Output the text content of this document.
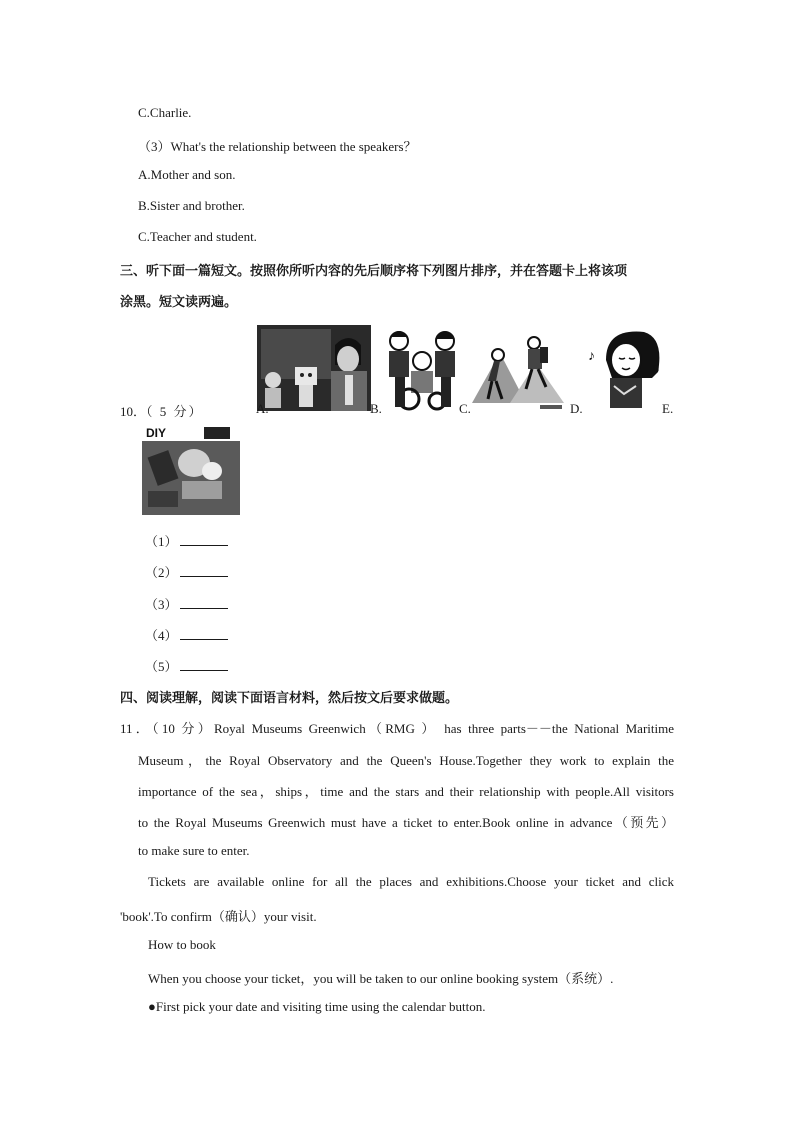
C.Charlie.
（3）What's the relationship between the speakers？
A.Mother and son.
B.Sister and brother.
C.Teacher and student.
三、听下面一篇短文。按照你所听内容的先后顺序将下列图片排序，并在答题卡上将该项
涂黑。短文读两遍。
10．（ 5 分）	B.
A.	C.	D.
♪
♫
E.
DIY
（1）
（2）
（3）
（4）
（5）
四、阅读理解，阅读下面语言材料，然后按文后要求做题。
11．（10 分）Royal Museums Greenwich（RMG ） has three parts－－the National Maritime
Museum，the Royal Observatory and the Queen's House.Together they work to explain the
importance of the sea，ships，time and the stars and their relationship with people.All visitors
to the Royal Museums Greenwich must have a ticket to enter.Book online in advance（预先）
to make sure to enter.
Tickets are available online for all the places and exhibitions.Choose your ticket and click
'book'.To confirm（确认）your visit.
How to book
When you choose your ticket，you will be taken to our online booking system（系统）.
●First pick your date and visiting time using the calendar button.
